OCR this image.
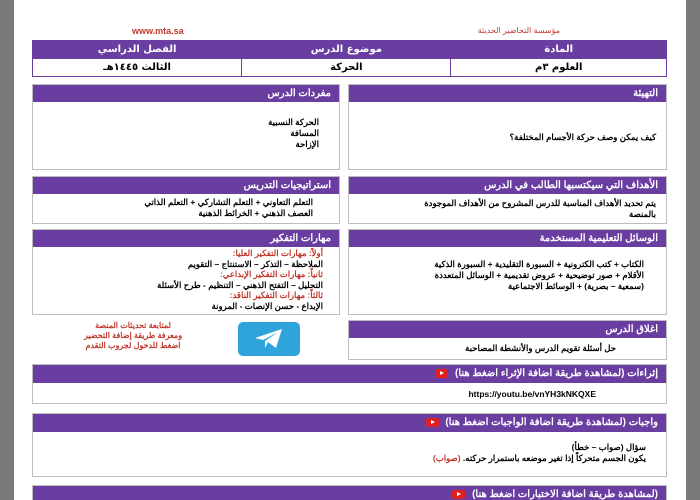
www.mta.sa	مؤسسة التحاضير الحديثة
الفصل الدراسي	موضوع الدرس	المادة
الثالث ١٤٤٥هـ	الحركة	العلوم ٣م
مفردات الدرس
الحركة النسبية
المسافة
الإزاحة
التهيئة
كيف يمكن وصف حركة الأجسام المختلفة؟
استراتيجيات التدريس
التعلم التعاوني + التعلم التشاركي + التعلم الذاتي
العصف الذهني + الخرائط الذهنية
الأهداف التي سيكتسبها الطالب في الدرس
يتم تحديد الأهداف المناسبة للدرس المشروح من الأهداف الموجودة
بالمنصة
مهارات التفكير
أولاً: مهارات التفكير العليا:
الملاحظة – التذكر – الاستنتاج – التقويم
ثانياً: مهارات التفكير الإبداعي:
التحليل – التفتح الذهني – التنظيم - طرح الأسئلة
ثالثاً: مهارات التفكير الناقد:
الإبداع - حسن الإنصات - المرونة
الوسائل التعليمية المستخدمة
الكتاب + كتب الكترونية + السبورة التقليدية + السبورة الذكية
الأقلام + صور توضيحية + عروض تقديمية + الوسائل المتعددة
(سمعية – بصرية) + الوسائط الاجتماعية
لمتابعة تحديثات المنصة
ومعرفة طريقة إضافة التحضير
اضغط للدخول لجروب التقدم
اغلاق الدرس
حل أسئلة تقويم الدرس والأنشطة المصاحبة
إثراءات (لمشاهدة طريقة اضافة الإثراء اضغط هنا)
https://youtu.be/vnYH3kNKQXE
واجبات (لمشاهدة طريقة اضافة الواجبات اضغط هنا)
سؤال (صواب – خطأ)
يكون الجسم متحركاً إذا تغير موضعه باستمرار حركته. (صواب)
(لمشاهدة طريقة اضافة الاختبارات اضغط هنا)
